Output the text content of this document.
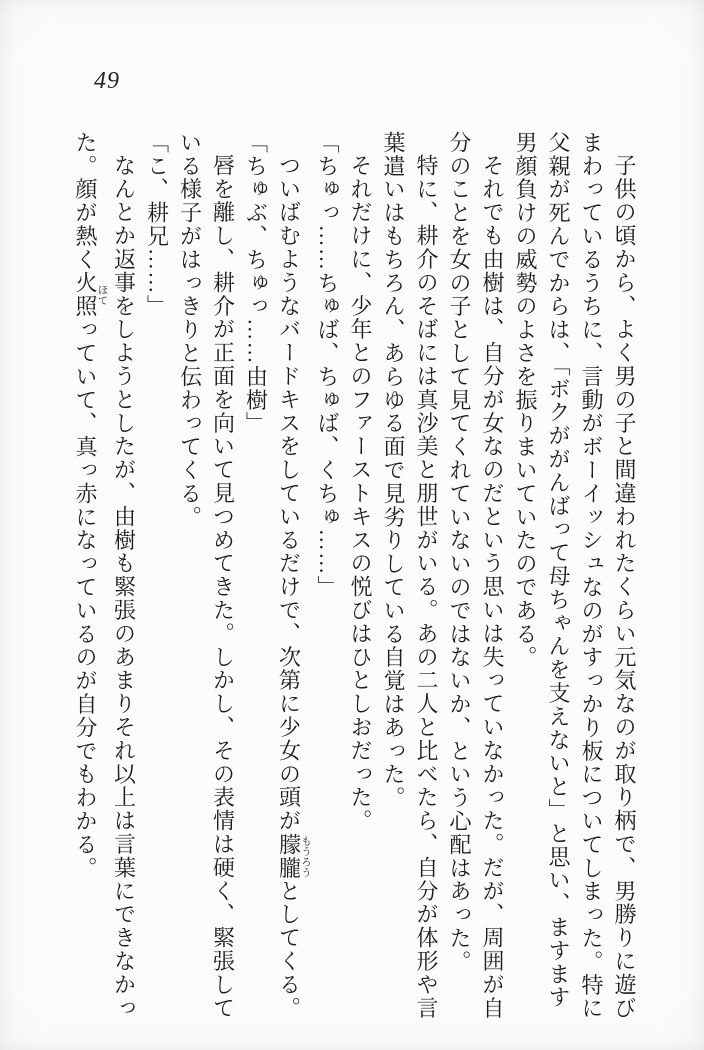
49
子供の頃から、よく男の子と間違われたくらい元気なのが取り柄で、男勝りに遊び
まわっているうちに、言動がボーイッシュなのがすっかり板についてしまった。特に
父親が死んでからは、「ボクががんばって母ちゃんを支えないと」と思い、ますます
男顔負けの威勢のよさを振りまいていたのである。
それでも由樹は、自分が女なのだという思いは失っていなかった。だが、周囲が自
分のことを女の子として見てくれていないのではないか、という心配はあった。
特に、耕介のそばには真沙美と朋世がいる。あの二人と比べたら、自分が体形や言
葉遣いはもちろん、あらゆる面で見劣りしている自覚はあった。
それだけに、少年とのファーストキスの悦びはひとしおだった。
「ちゅっ……ちゅば、ちゅば、くちゅ……」
ついばむようなバードキスをしているだけで、次第に少女の頭が朦朧もうろうとしてくる。
「ちゅぶ、ちゅっ……由樹」
唇を離し、耕介が正面を向いて見つめてきた。しかし、その表情は硬く、緊張して
いる様子がはっきりと伝わってくる。
「こ、耕兄……」
なんとか返事をしようとしたが、由樹も緊張のあまりそれ以上は言葉にできなかっ
た。顔が熱く火照ほてっていて、真っ赤になっているのが自分でもわかる。
